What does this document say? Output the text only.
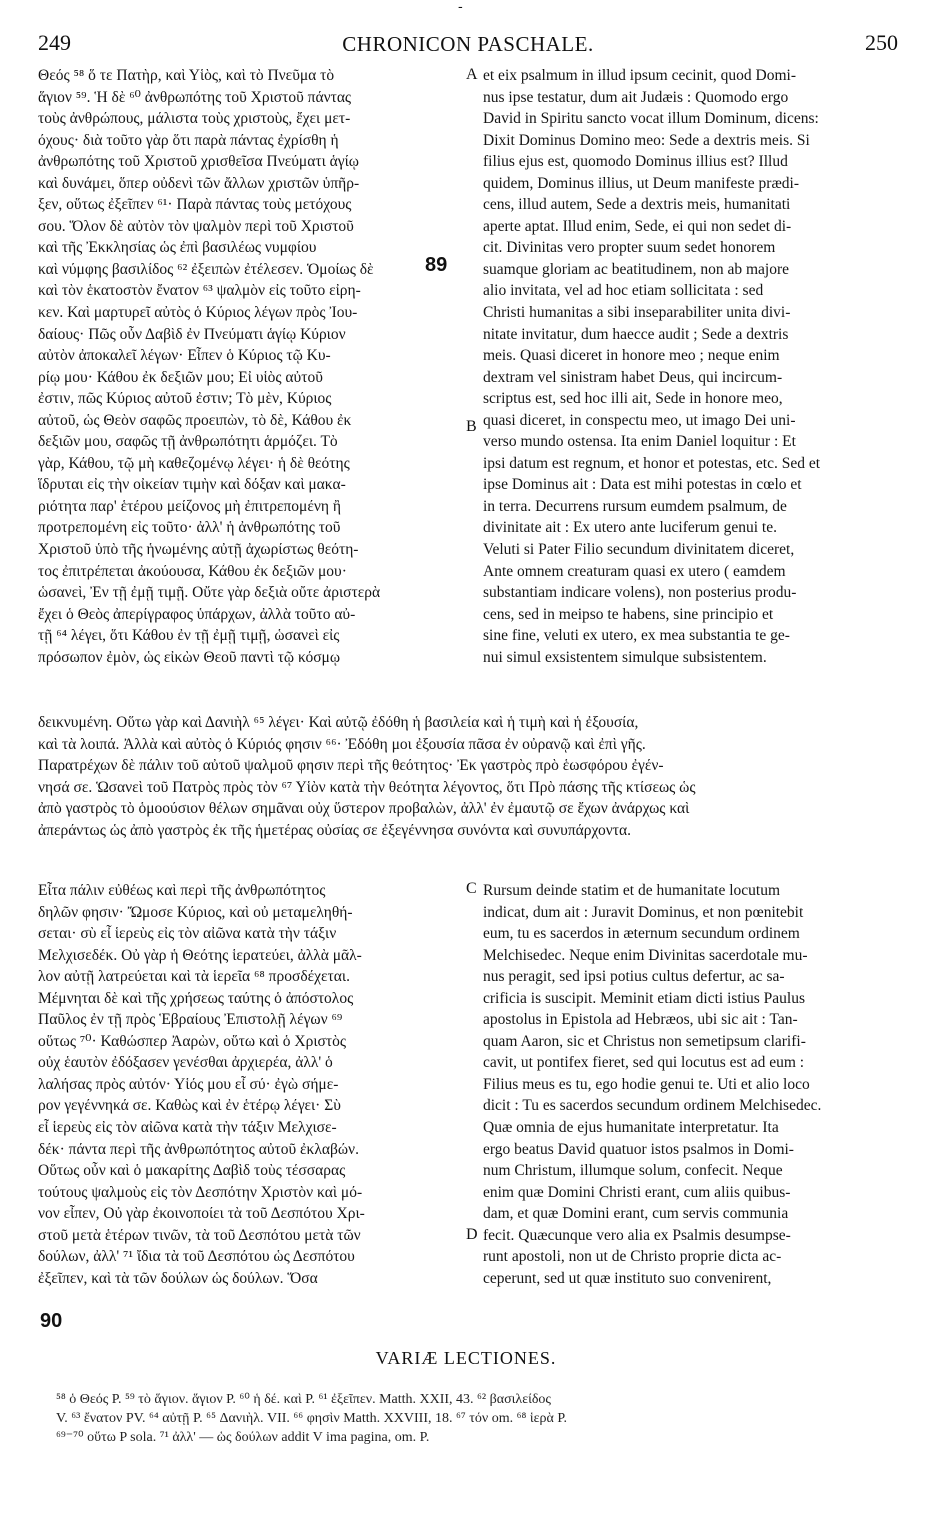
-
249	CHRONICON PASCHALE.	250
Θεός ⁵⁸ ὅ τε Πατὴρ, καὶ Υἱὸς, καὶ τὸ Πνεῦμα τὸ
ἅγιον ⁵⁹. Ἡ δὲ ⁶⁰ ἀνθρωπότης τοῦ Χριστοῦ πάντας
τοὺς ἀνθρώπους, μάλιστα τοὺς χριστοὺς, ἔχει μετ-
όχους· διὰ τοῦτο γὰρ ὅτι παρὰ πάντας ἐχρίσθη ἡ
ἀνθρωπότης τοῦ Χριστοῦ χρισθεῖσα Πνεύματι ἁγίῳ
καὶ δυνάμει, ὅπερ οὐδενὶ τῶν ἄλλων χριστῶν ὑπῆρ-
ξεν, οὕτως ἐξεῖπεν ⁶¹· Παρὰ πάντας τοὺς μετόχους
σου. Ὅλον δὲ αὐτὸν τὸν ψαλμὸν περὶ τοῦ Χριστοῦ
καὶ τῆς Ἐκκλησίας ὡς ἐπὶ βασιλέως νυμφίου
καὶ νύμφης βασιλίδος ⁶² ἐξειπὼν ἐτέλεσεν. Ὁμοίως δὲ
καὶ τὸν ἑκατοστὸν ἔνατον ⁶³ ψαλμὸν εἰς τοῦτο εἰρη-
κεν. Καὶ μαρτυρεῖ αὐτὸς ὁ Κύριος λέγων πρὸς Ἰου-
δαίους· Πῶς οὖν Δαβὶδ ἐν Πνεύματι ἁγίῳ Κύριον
αὐτὸν ἀποκαλεῖ λέγων· Εἶπεν ὁ Κύριος τῷ Κυ-
ρίῳ μου· Κάθου ἐκ δεξιῶν μου; Εἰ υἱὸς αὐτοῦ
ἐστιν, πῶς Κύριος αὐτοῦ ἐστιν; Τὸ μὲν, Κύριος
αὐτοῦ, ὡς Θεὸν σαφῶς προειπὼν, τὸ δὲ, Κάθου ἐκ
δεξιῶν μου, σαφῶς τῇ ἀνθρωπότητι ἁρμόζει. Τὸ
γὰρ, Κάθου, τῷ μὴ καθεζομένῳ λέγει· ἡ δὲ θεότης
ἵδρυται εἰς τὴν οἰκείαν τιμὴν καὶ δόξαν καὶ μακα-
ριότητα παρ' ἑτέρου μείζονος μὴ ἐπιτρεπομένη ἢ
προτρεπομένη εἰς τοῦτο· ἀλλ' ἡ ἀνθρωπότης τοῦ
Χριστοῦ ὑπὸ τῆς ἡνωμένης αὐτῇ ἀχωρίστως θεότη-
τος ἐπιτρέπεται ἀκούουσα, Κάθου ἐκ δεξιῶν μου·
ὡσανεὶ, Ἐν τῇ ἐμῇ τιμῇ. Οὔτε γὰρ δεξιὰ οὔτε ἀριστερὰ
ἔχει ὁ Θεὸς ἀπερίγραφος ὑπάρχων, ἀλλὰ τοῦτο αὐ-
τῇ ⁶⁴ λέγει, ὅτι Κάθου ἐν τῇ ἐμῇ τιμῇ, ὡσανεὶ εἰς
πρόσωπον ἐμὸν, ὡς εἰκὼν Θεοῦ παντὶ τῷ κόσμῳ
et eix psalmum in illud ipsum cecinit, quod Domi-
nus ipse testatur, dum ait Judæis : Quomodo ergo
David in Spiritu sancto vocat illum Dominum, dicens:
Dixit Dominus Domino meo: Sede a dextris meis. Si
filius ejus est, quomodo Dominus illius est? Illud
quidem, Dominus illius, ut Deum manifeste prædi-
cens, illud autem, Sede a dextris meis, humanitati
aperte aptat. Illud enim, Sede, ei qui non sedet di-
cit. Divinitas vero propter suum sedet honorem
suamque gloriam ac beatitudinem, non ab majore
alio invitata, vel ad hoc etiam sollicitata : sed
Christi humanitas a sibi inseparabiliter unita divi-
nitate invitatur, dum haecce audit ; Sede a dextris
meis. Quasi diceret in honore meo ; neque enim
dextram vel sinistram habet Deus, qui incircum-
scriptus est, sed hoc illi ait, Sede in honore meo,
quasi diceret, in conspectu meo, ut imago Dei uni-
verso mundo ostensa. Ita enim Daniel loquitur : Et
ipsi datum est regnum, et honor et potestas, etc. Sed et
ipse Dominus ait : Data est mihi potestas in cœlo et
in terra. Decurrens rursum eumdem psalmum, de
divinitate ait : Ex utero ante luciferum genui te.
Veluti si Pater Filio secundum divinitatem diceret,
Ante omnem creaturam quasi ex utero ( eamdem
substantiam indicare volens), non posterius produ-
cens, sed in meipso te habens, sine principio et
sine fine, veluti ex utero, ex mea substantia te ge-
nui simul exsistentem simulque subsistentem.
δεικνυμένη. Οὕτω γὰρ καὶ Δανιὴλ ⁶⁵ λέγει· Καὶ αὐτῷ ἐδόθη ἡ βασιλεία καὶ ἡ τιμὴ καὶ ἡ ἐξουσία,
καὶ τὰ λοιπά. Ἀλλὰ καὶ αὐτὸς ὁ Κύριός φησιν ⁶⁶· Ἐδόθη μοι ἐξουσία πᾶσα ἐν οὐρανῷ καὶ ἐπὶ γῆς.
Παρατρέχων δὲ πάλιν τοῦ αὐτοῦ ψαλμοῦ φησιν περὶ τῆς θεότητος· Ἐκ γαστρὸς πρὸ ἑωσφόρου ἐγέν-
νησά σε. Ὡσανεὶ τοῦ Πατρὸς πρὸς τὸν ⁶⁷ Υἱὸν κατὰ τὴν θεότητα λέγοντος, ὅτι Πρὸ πάσης τῆς κτίσεως ὡς
ἀπὸ γαστρὸς τὸ ὁμοούσιον θέλων σημᾶναι οὐχ ὕστερον προβαλὼν, ἀλλ' ἐν ἐμαυτῷ σε ἔχων ἀνάρχως καὶ
ἀπεράντως ὡς ἀπὸ γαστρὸς ἐκ τῆς ἡμετέρας οὐσίας σε ἐξεγέννησα συνόντα καὶ συνυπάρχοντα.
Εἶτα πάλιν εὐθέως καὶ περὶ τῆς ἀνθρωπότητος
δηλῶν φησιν· Ὤμοσε Κύριος, καὶ οὐ μεταμεληθή-
σεται· σὺ εἶ ἱερεὺς εἰς τὸν αἰῶνα κατὰ τὴν τάξιν
Μελχισεδέκ. Οὐ γὰρ ἡ Θεότης ἱερατεύει, ἀλλὰ μᾶλ-
λον αὐτῇ λατρεύεται καὶ τὰ ἱερεῖα ⁶⁸ προσδέχεται.
Μέμνηται δὲ καὶ τῆς χρήσεως ταύτης ὁ ἀπόστολος
Παῦλος ἐν τῇ πρὸς Ἑβραίους Ἐπιστολῇ λέγων ⁶⁹
οὕτως ⁷⁰· Καθώσπερ Ἀαρὼν, οὕτω καὶ ὁ Χριστὸς
οὐχ ἑαυτὸν ἐδόξασεν γενέσθαι ἀρχιερέα, ἀλλ' ὁ
λαλήσας πρὸς αὐτόν· Υἱός μου εἶ σύ· ἐγὼ σήμε-
ρον γεγέννηκά σε. Καθὼς καὶ ἐν ἑτέρῳ λέγει· Σὺ
εἶ ἱερεὺς εἰς τὸν αἰῶνα κατὰ τὴν τάξιν Μελχισε-
δέκ· πάντα περὶ τῆς ἀνθρωπότητος αὐτοῦ ἐκλαβών.
Οὕτως οὖν καὶ ὁ μακαρίτης Δαβὶδ τοὺς τέσσαρας
τούτους ψαλμοὺς εἰς τὸν Δεσπότην Χριστὸν καὶ μό-
νον εἶπεν, Οὐ γὰρ ἐκοινοποίει τὰ τοῦ Δεσπότου Χρι-
στοῦ μετὰ ἑτέρων τινῶν, τὰ τοῦ Δεσπότου μετὰ τῶν
δούλων, ἀλλ' ⁷¹ ἴδια τὰ τοῦ Δεσπότου ὡς Δεσπότου
ἐξεῖπεν, καὶ τὰ τῶν δούλων ὡς δούλων. Ὅσα
Rursum deinde statim et de humanitate locutum
indicat, dum ait : Juravit Dominus, et non pœnitebit
eum, tu es sacerdos in æternum secundum ordinem
Melchisedec. Neque enim Divinitas sacerdotale mu-
nus peragit, sed ipsi potius cultus defertur, ac sa-
crificia is suscipit. Meminit etiam dicti istius Paulus
apostolus in Epistola ad Hebræos, ubi sic ait : Tan-
quam Aaron, sic et Christus non semetipsum clarifi-
cavit, ut pontifex fieret, sed qui locutus est ad eum :
Filius meus es tu, ego hodie genui te. Uti et alio loco
dicit : Tu es sacerdos secundum ordinem Melchisedec.
Quæ omnia de ejus humanitate interpretatur. Ita
ergo beatus David quatuor istos psalmos in Domi-
num Christum, illumque solum, confecit. Neque
enim quæ Domini Christi erant, cum aliis quibus-
dam, et quæ Domini erant, cum servis communia
fecit. Quæcunque vero alia ex Psalmis desumpse-
runt apostoli, non ut de Christo proprie dicta ac-
ceperunt, sed ut quæ instituto suo convenirent,
A
B
C
D
89
90
VARIÆ LECTIONES.
⁵⁸ ὁ Θεός P. ⁵⁹ τὸ ἅγιον. ἅγιον P. ⁶⁰ ἡ δέ. καὶ P. ⁶¹ ἐξεῖπεν. Matth. XXII, 43. ⁶² βασιλείδος
V. ⁶³ ἔνατον PV. ⁶⁴ αὐτῇ P. ⁶⁵ Δανιὴλ. VII. ⁶⁶ φησὶν Matth. XXVIII, 18. ⁶⁷ τόν om. ⁶⁸ ἱερὰ P.
⁶⁹⁻⁷⁰ οὕτω P sola. ⁷¹ ἀλλ' — ὡς δούλων addit V ima pagina, om. P.
